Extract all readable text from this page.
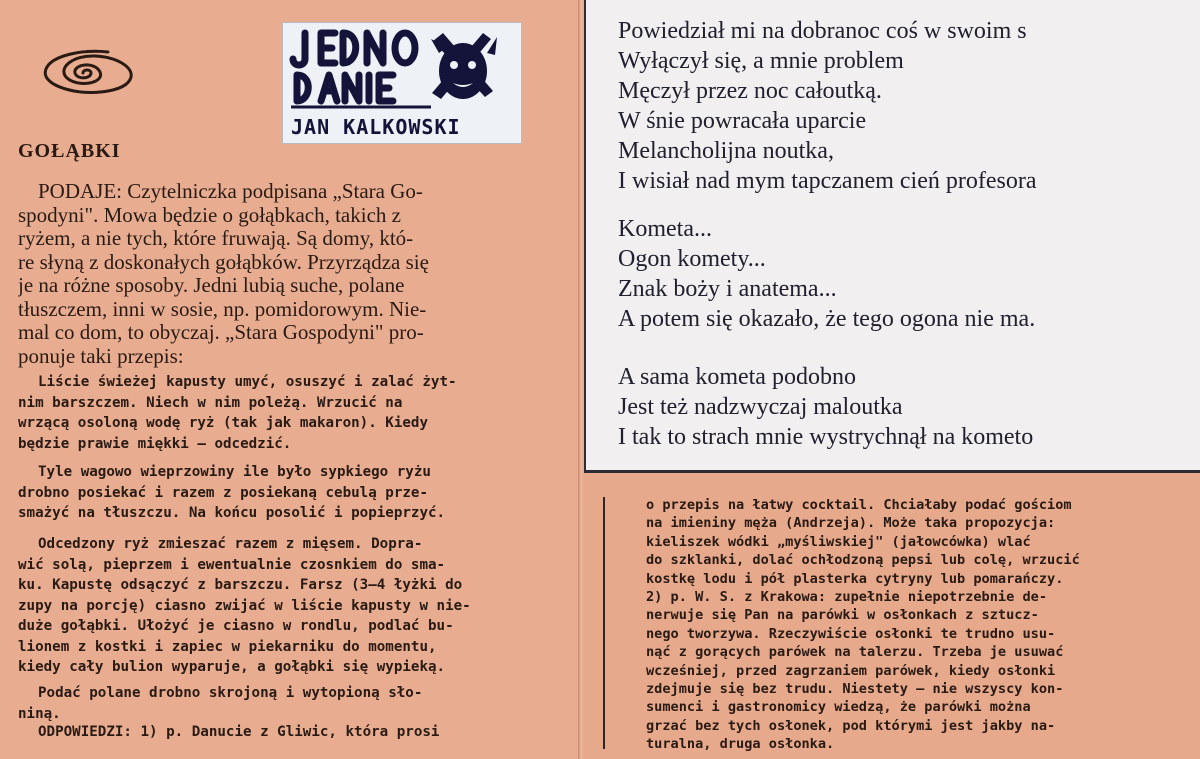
JAN KALKOWSKI
GOŁĄBKI
PODAJE: Czytelniczka podpisana „Stara Go-
spodyni". Mowa będzie o gołąbkach, takich z
ryżem, a nie tych, które fruwają. Są domy, któ-
re słyną z doskonałych gołąbków. Przyrządza się
je na różne sposoby. Jedni lubią suche, polane
tłuszczem, inni w sosie, np. pomidorowym. Nie-
mal co dom, to obyczaj. „Stara Gospodyni" pro-
ponuje taki przepis:
Liście świeżej kapusty umyć, osuszyć i zalać żyt-
nim barszczem. Niech w nim poleżą. Wrzucić na
wrzącą osoloną wodę ryż (tak jak makaron). Kiedy
będzie prawie miękki — odcedzić.
Tyle wagowo wieprzowiny ile było sypkiego ryżu
drobno posiekać i razem z posiekaną cebulą prze-
smażyć na tłuszczu. Na końcu posolić i popieprzyć.
Odcedzony ryż zmieszać razem z mięsem. Dopra-
wić solą, pieprzem i ewentualnie czosnkiem do sma-
ku. Kapustę odsączyć z barszczu. Farsz (3—4 łyżki do
zupy na porcję) ciasno zwijać w liście kapusty w nie-
duże gołąbki. Ułożyć je ciasno w rondlu, podlać bu-
lionem z kostki i zapiec w piekarniku do momentu,
kiedy cały bulion wyparuje, a gołąbki się wypieką.
Podać polane drobno skrojoną i wytopioną sło-
niną.
ODPOWIEDZI: 1) p. Danucie z Gliwic, która prosi
Powiedział mi na dobranoc coś w swoim s
Wyłączył się, a mnie problem
Męczył przez noc całoutką.
W śnie powracała uparcie
Melancholijna noutka,
I wisiał nad mym tapczanem cień profesora
Kometa...
Ogon komety...
Znak boży i anatema...
A potem się okazało, że tego ogona nie ma.
A sama kometa podobno
Jest też nadzwyczaj maloutka
I tak to strach mnie wystrychnął na kometo
o przepis na łatwy cocktail. Chciałaby podać gościom
na imieniny męża (Andrzeja). Może taka propozycja:
kieliszek wódki „myśliwskiej" (jałowcówka) wlać
do szklanki, dolać ochłodzoną pepsi lub colę, wrzucić
kostkę lodu i pół plasterka cytryny lub pomarańczy.
2) p. W. S. z Krakowa: zupełnie niepotrzebnie de-
nerwuje się Pan na parówki w osłonkach z sztucz-
nego tworzywa. Rzeczywiście osłonki te trudno usu-
nąć z gorących parówek na talerzu. Trzeba je usuwać
wcześniej, przed zagrzaniem parówek, kiedy osłonki
zdejmuje się bez trudu. Niestety — nie wszyscy kon-
sumenci i gastronomicy wiedzą, że parówki można
grzać bez tych osłonek, pod którymi jest jakby na-
turalna, druga osłonka.
